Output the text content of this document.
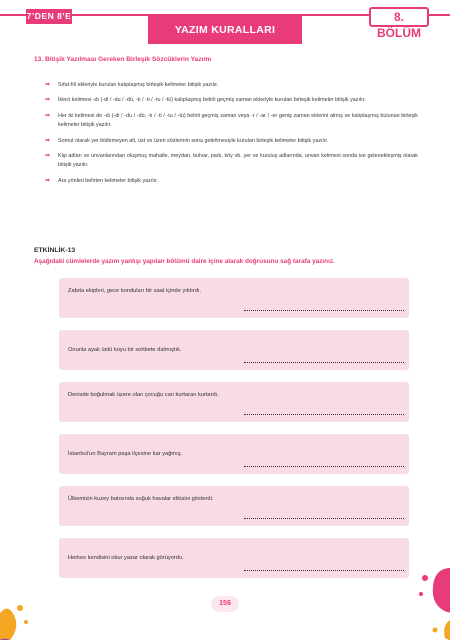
7’DEN 8’E
YAZIM KURALLARI
8. BÖLÜM
13. Bitişik Yazılması Gereken Birleşik Sözcüklerin Yazımı
➡ Sıfat-fiil ekleriyle kurulan kalıplaşmış birleşik kelimeler bitişik yazılır.
➡ İkinci kelimesi -dı (-di / -du / -dü, -tı / -ti / -tu / -tü) kalıplaşmış belirli geçmiş zaman ekleriyle kurulan birleşik kelimeler bitişik yazılır.
➡ Her iki kelimesi de -dı (-di / -du / -dü, -tı / -ti / -tu / -tü) belirli geçmiş zaman veya -r / -ar / -er geniş zaman eklerini almış ve kalıplaşmış bulunan birleşik kelimeler bitişik yazılır.
➡ Somut olarak yer bildirmeyen alt, üst ve üzeri sözlerinin sona getirilmesiyle kurulan birleşik kelimeler bitişik yazılır.
➡ Kişi adları ve unvanlarından oluşmuş mahalle, meydan, bulvar, park, köy vb. yer ve kuruluş adlarında, unvan kelimesi sonda ise gelenekleşmiş olarak bitişik yazılır.
➡ Ara yönleri belirten kelimeler bitişik yazılır.
ETKİNLİK-13
Aşağıdaki cümlelerde yazım yanlışı yapılan bölümü daire içine alarak doğrusunu sağ tarafa yazınız.
Zabıta ekipleri, gece konduları bir saat içinde yıktırdı.
Onunla ayak üstü koyu bir sohbete dalmıştık.
Denizde boğulmak üzere olan çocuğu can kurtaran kurtardı.
İstanbul’un Bayram paşa ilçesine kar yağmış.
Ülkemizin kuzey batısında soğuk havalar etkisini gösterdi.
Herkes kendisini okur yazar olarak görüyordu.
156
